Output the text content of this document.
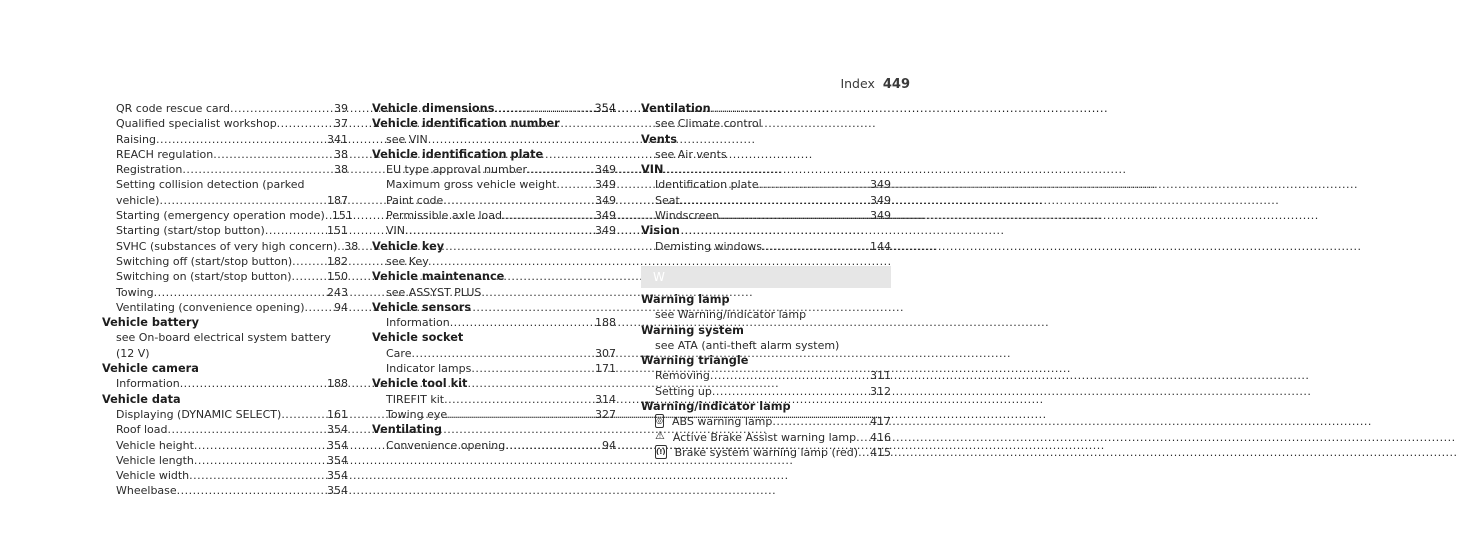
Index 449
QR code rescue card .....	39
Qualified specialist workshop .....	37
Raising .....	341
REACH regulation .....	38
Registration .....	38
Setting collision detection (parked
vehicle) .....	187
Starting (emergency operation mode) ..... 151
Starting (start/stop button) .....	151
SVHC (substances of very high concern) ..... 38
Switching off (start/stop button) .....	182
Switching on (start/stop button) .....	150
Towing .....	243
Ventilating (convenience opening) .....	94
Vehicle battery
see On-board electrical system battery (12 V)
Vehicle camera
Information .....	188
Vehicle data
Displaying (DYNAMIC SELECT) .....	161
Roof load .....	354
Vehicle height .....	354
Vehicle length .....	354
Vehicle width .....	354
Wheelbase .....	354
Vehicle dimensions .....	354
Vehicle identification number
see VIN
Vehicle identification plate
EU type approval number .....	349
Maximum gross vehicle weight .....	349
Paint code .....	349
Permissible axle load .....	349
VIN .....	349
Vehicle key
see Key
Vehicle maintenance
see ASSYST PLUS
Vehicle sensors
Information .....	188
Vehicle socket
Care .....	307
Indicator lamps .....	171
Vehicle tool kit
TIREFIT kit .....	314
Towing eye .....	327
Ventilating
Convenience opening .....	94
Ventilation
see Climate control
Vents
see Air vents
VIN
Identification plate .....	349
Seat .....	349
Windscreen .....	349
Vision
Demisting windows .....	144
W
Warning lamp
see Warning/indicator lamp
Warning system
see ATA (anti-theft alarm system)
Warning triangle
Removing .....	311
Setting up .....	312
Warning/indicator lamp
◎
ABS warning lamp .....	417
⚠
Active Brake Assist warning lamp ..... 416
(!)
Brake system warning lamp (red) ..... 415
